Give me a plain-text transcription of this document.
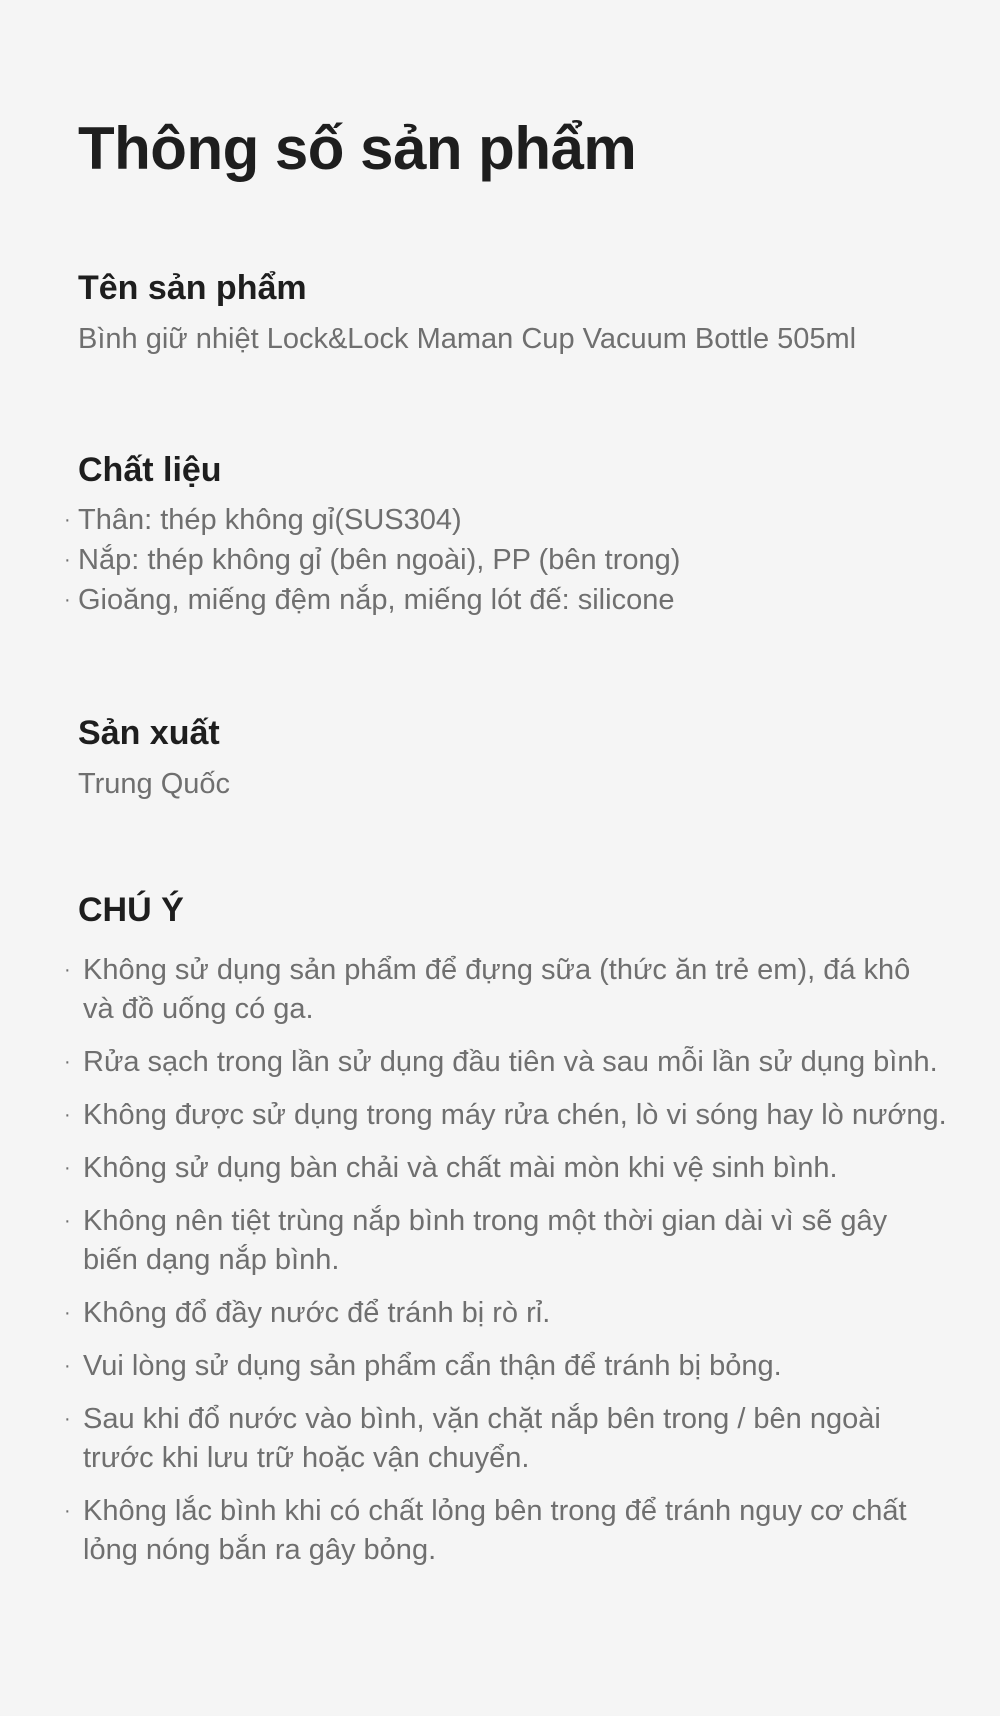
Thông số sản phẩm
Tên sản phẩm

Bình giữ nhiệt Lock&Lock Maman Cup Vacuum Bottle 505ml

Chất liệu
· Thân: thép không gỉ(SUS304)
· Nắp: thép không gỉ (bên ngoài), PP (bên trong)
· Gioăng, miếng đệm nắp, miếng lót đế: silicone
Sản xuất

Trung Quốc

CHÚ Ý
· Không sử dụng sản phẩm để đựng sữa (thức ăn trẻ em), đá khô và đồ uống có ga.
· Rửa sạch trong lần sử dụng đầu tiên và sau mỗi lần sử dụng bình.
· Không được sử dụng trong máy rửa chén, lò vi sóng hay lò nướng.
· Không sử dụng bàn chải và chất mài mòn khi vệ sinh bình.
· Không nên tiệt trùng nắp bình trong một thời gian dài vì sẽ gây biến dạng nắp bình.
· Không đổ đầy nước để tránh bị rò rỉ.
· Vui lòng sử dụng sản phẩm cẩn thận để tránh bị bỏng.
· Sau khi đổ nước vào bình, vặn chặt nắp bên trong / bên ngoài trước khi lưu trữ hoặc vận chuyển.
· Không lắc bình khi có chất lỏng bên trong để tránh nguy cơ chất lỏng nóng bắn ra gây bỏng.
